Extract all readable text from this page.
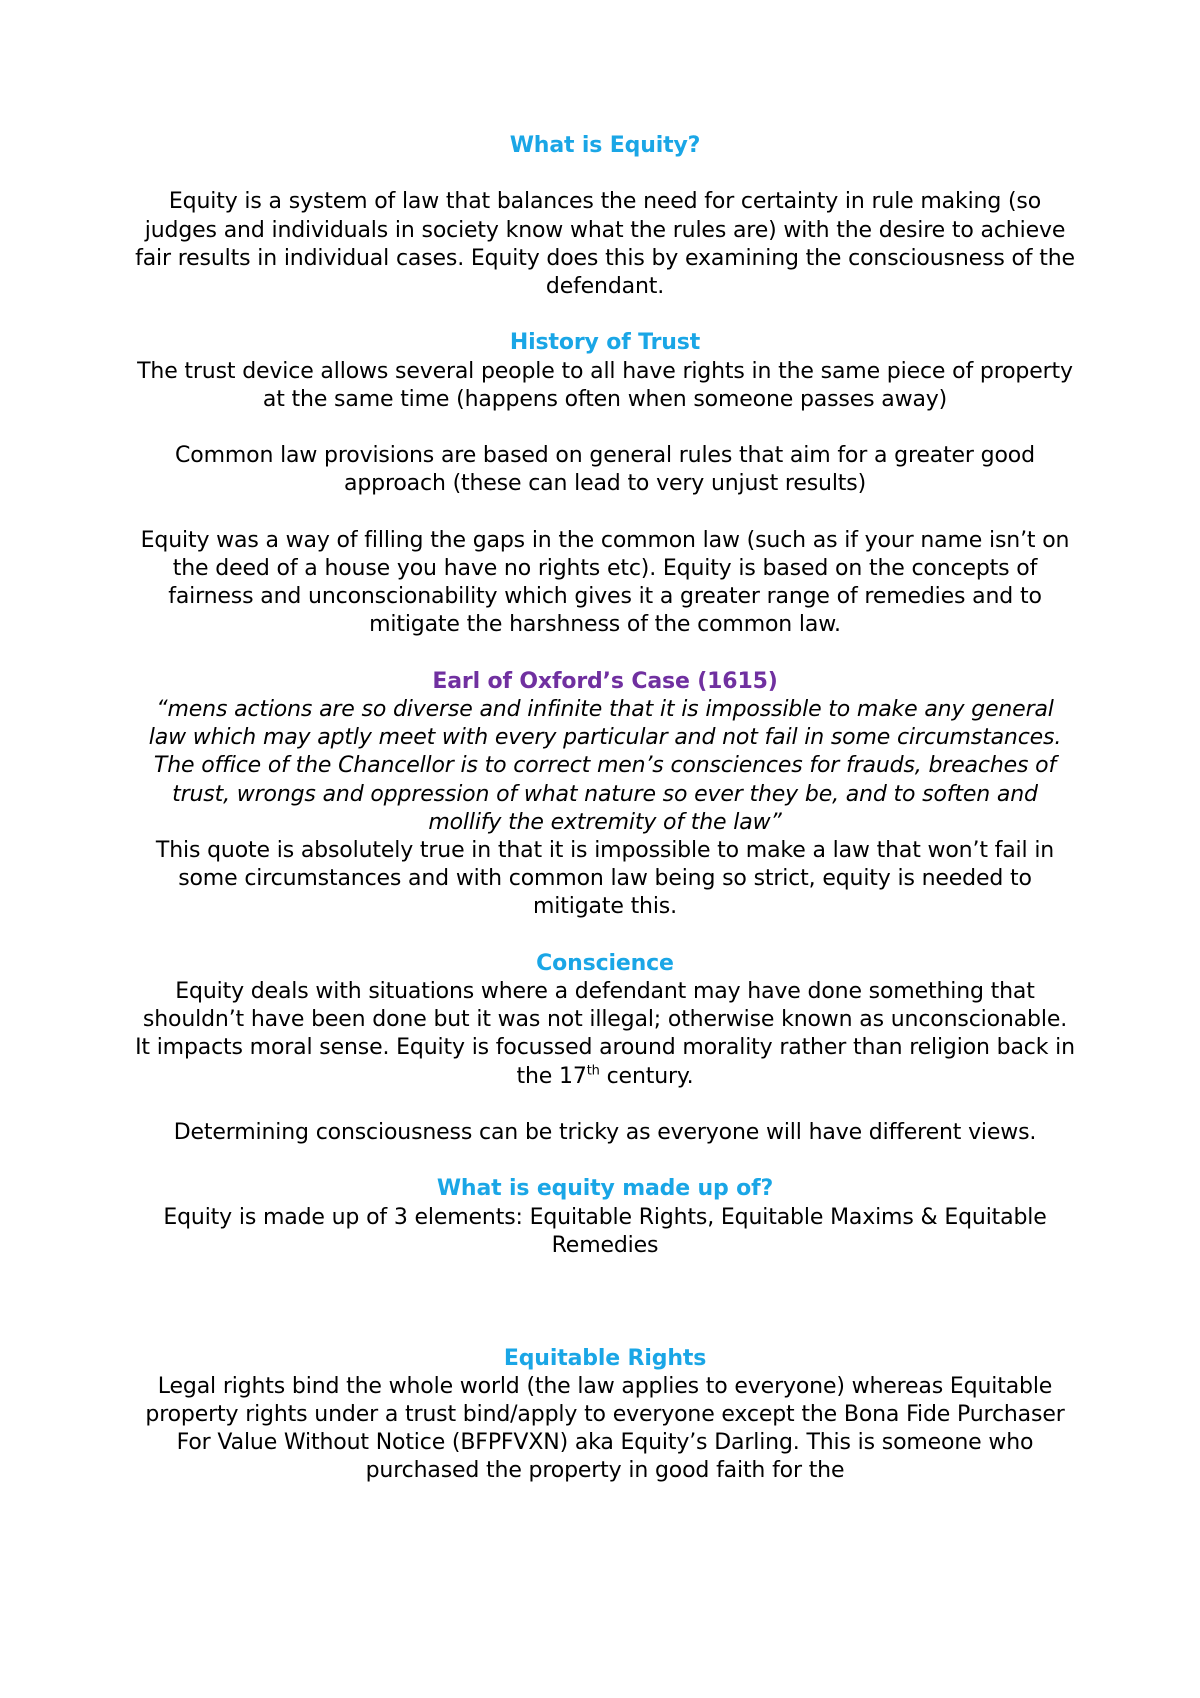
What is Equity?

Equity is a system of law that balances the need for certainty in rule making (so judges and individuals in society know what the rules are) with the desire to achieve fair results in individual cases. Equity does this by examining the consciousness of the defendant.

History of Trust

The trust device allows several people to all have rights in the same piece of property at the same time (happens often when someone passes away)

Common law provisions are based on general rules that aim for a greater good approach (these can lead to very unjust results)

Equity was a way of filling the gaps in the common law (such as if your name isn’t on the deed of a house you have no rights etc). Equity is based on the concepts of fairness and unconscionability which gives it a greater range of remedies and to mitigate the harshness of the common law.

Earl of Oxford’s Case (1615)

“mens actions are so diverse and infinite that it is impossible to make any general law which may aptly meet with every particular and not fail in some circumstances. The office of the Chancellor is to correct men’s consciences for frauds, breaches of trust, wrongs and oppression of what nature so ever they be, and to soften and mollify the extremity of the law”

This quote is absolutely true in that it is impossible to make a law that won’t fail in some circumstances and with common law being so strict, equity is needed to mitigate this.

Conscience

Equity deals with situations where a defendant may have done something that shouldn’t have been done but it was not illegal; otherwise known as unconscionable. It impacts moral sense. Equity is focussed around morality rather than religion back in the 17th century.

Determining consciousness can be tricky as everyone will have different views.

What is equity made up of?

Equity is made up of 3 elements: Equitable Rights, Equitable Maxims & Equitable Remedies

Equitable Rights

Legal rights bind the whole world (the law applies to everyone) whereas Equitable property rights under a trust bind/apply to everyone except the Bona Fide Purchaser For Value Without Notice (BFPFVXN) aka Equity’s Darling. This is someone who purchased the property in good faith for the
